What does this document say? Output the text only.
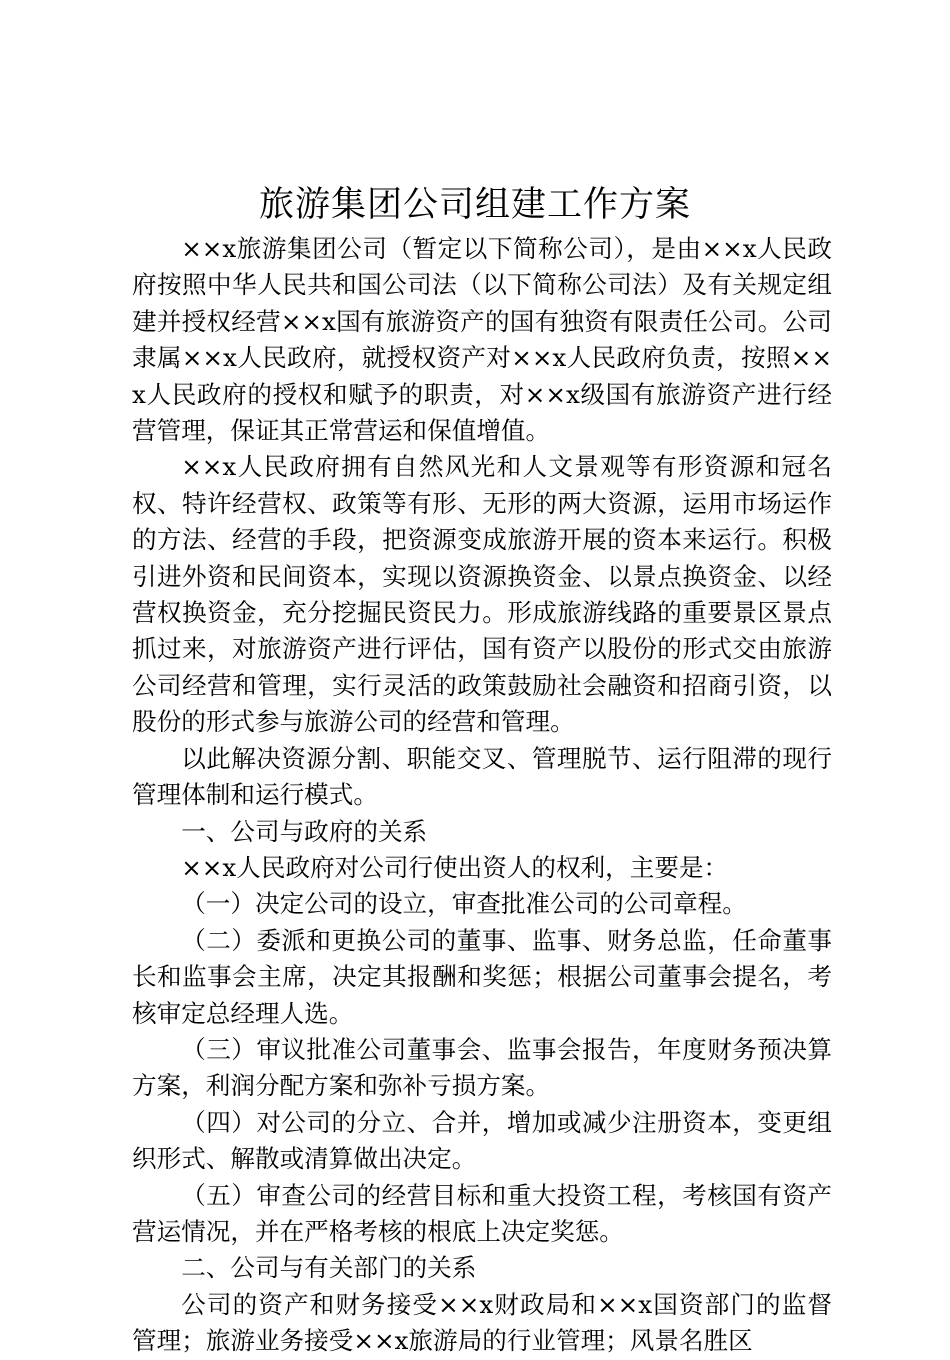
旅游集团公司组建工作方案

××x旅游集团公司（暂定以下简称公司），是由××x人民政府按照中华人民共和国公司法（以下简称公司法）及有关规定组建并授权经营××x国有旅游资产的国有独资有限责任公司。公司隶属××x人民政府，就授权资产对××x人民政府负责，按照××x人民政府的授权和赋予的职责，对××x级国有旅游资产进行经营管理，保证其正常营运和保值增值。

××x人民政府拥有自然风光和人文景观等有形资源和冠名权、特许经营权、政策等有形、无形的两大资源，运用市场运作的方法、经营的手段，把资源变成旅游开展的资本来运行。积极引进外资和民间资本，实现以资源换资金、以景点换资金、以经营权换资金，充分挖掘民资民力。形成旅游线路的重要景区景点抓过来，对旅游资产进行评估，国有资产以股份的形式交由旅游公司经营和管理，实行灵活的政策鼓励社会融资和招商引资，以股份的形式参与旅游公司的经营和管理。

以此解决资源分割、职能交叉、管理脱节、运行阻滞的现行管理体制和运行模式。

一、公司与政府的关系

××x人民政府对公司行使出资人的权利，主要是：

（一）决定公司的设立，审查批准公司的公司章程。

（二）委派和更换公司的董事、监事、财务总监，任命董事长和监事会主席，决定其报酬和奖惩；根据公司董事会提名，考核审定总经理人选。

（三）审议批准公司董事会、监事会报告，年度财务预决算方案，利润分配方案和弥补亏损方案。

（四）对公司的分立、合并，增加或减少注册资本，变更组织形式、解散或清算做出决定。

（五）审查公司的经营目标和重大投资工程，考核国有资产营运情况，并在严格考核的根底上决定奖惩。

二、公司与有关部门的关系

公司的资产和财务接受××x财政局和××x国资部门的监督管理；旅游业务接受××x旅游局的行业管理；风景名胜区
